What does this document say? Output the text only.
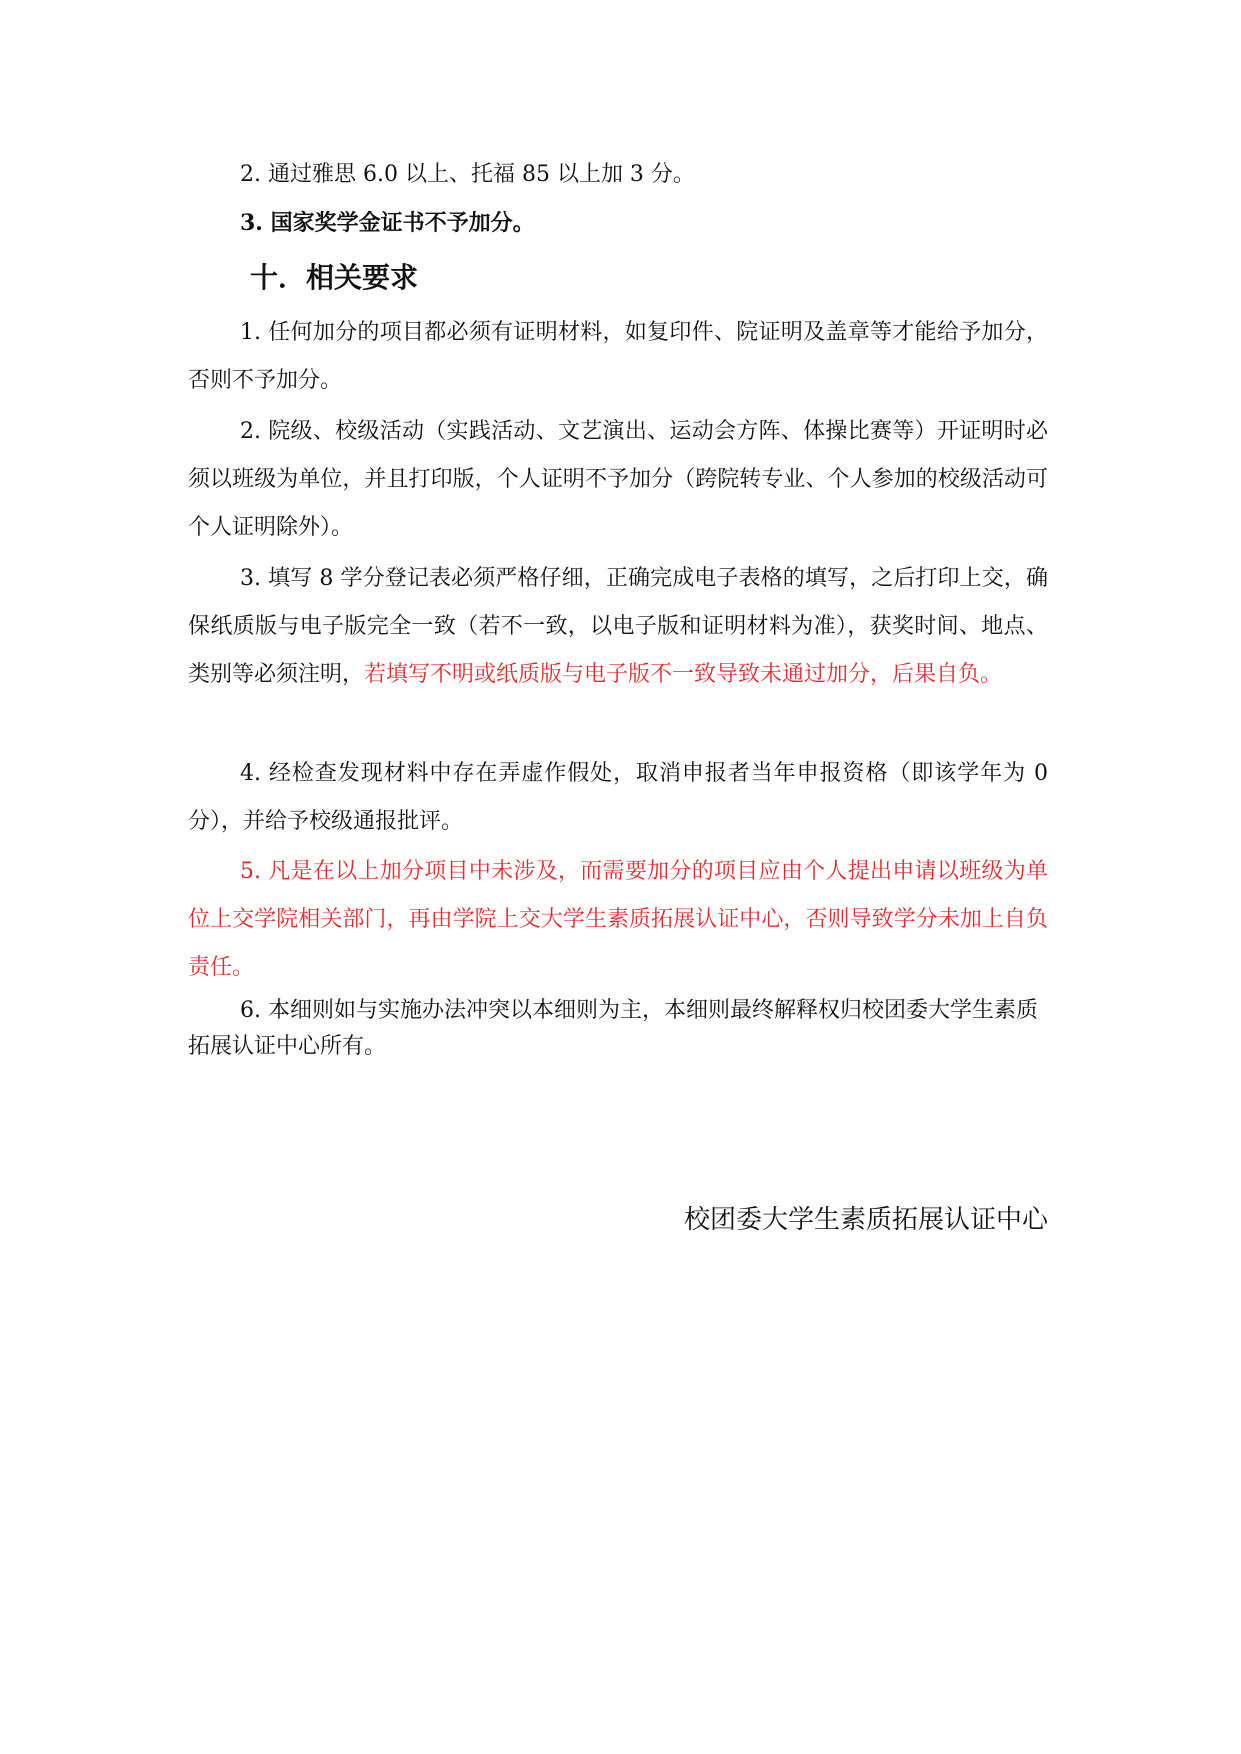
2. 通过雅思 6.0 以上、托福 85 以上加 3 分。

3. 国家奖学金证书不予加分。

十．相关要求

1. 任何加分的项目都必须有证明材料，如复印件、院证明及盖章等才能给予加分，否则不予加分。

2. 院级、校级活动（实践活动、文艺演出、运动会方阵、体操比赛等）开证明时必须以班级为单位，并且打印版，个人证明不予加分（跨院转专业、个人参加的校级活动可个人证明除外）。

3. 填写 8 学分登记表必须严格仔细，正确完成电子表格的填写，之后打印上交，确保纸质版与电子版完全一致（若不一致，以电子版和证明材料为准），获奖时间、地点、类别等必须注明，若填写不明或纸质版与电子版不一致导致未通过加分，后果自负。

4. 经检查发现材料中存在弄虚作假处，取消申报者当年申报资格（即该学年为 0 分），并给予校级通报批评。

5. 凡是在以上加分项目中未涉及，而需要加分的项目应由个人提出申请以班级为单位上交学院相关部门，再由学院上交大学生素质拓展认证中心，否则导致学分未加上自负责任。

6. 本细则如与实施办法冲突以本细则为主，本细则最终解释权归校团委大学生素质拓展认证中心所有。

校团委大学生素质拓展认证中心
